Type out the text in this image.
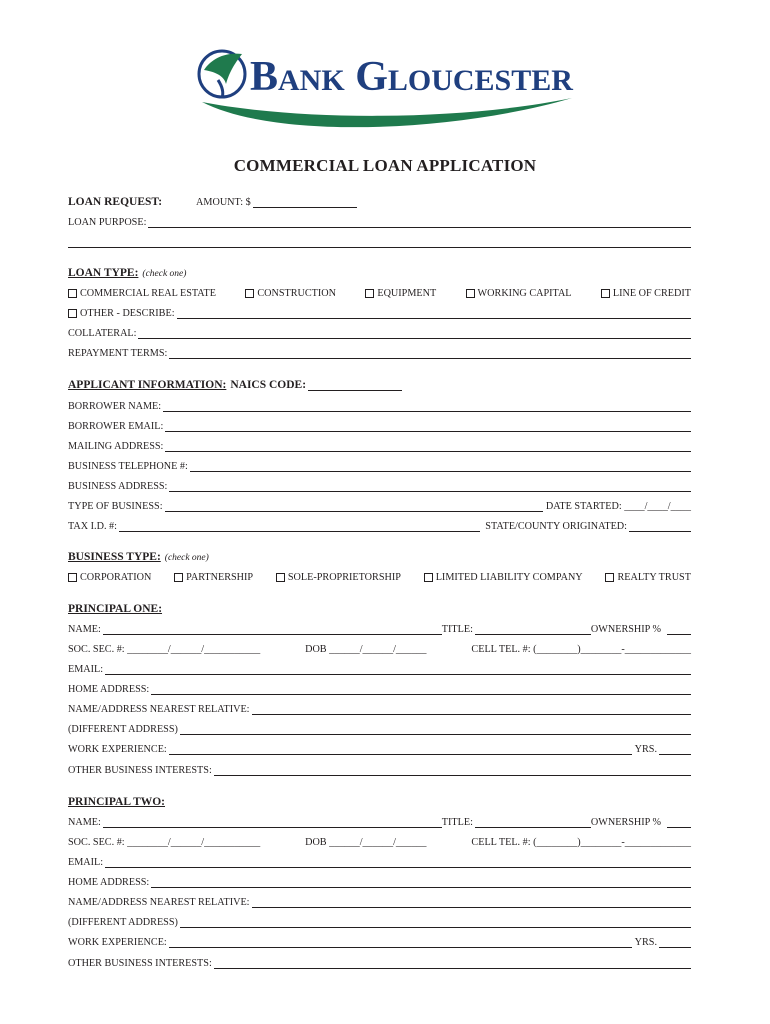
BANK GLOUCESTER
COMMERCIAL LOAN APPLICATION
LOAN REQUEST:	AMOUNT: $
LOAN PURPOSE:
LOAN TYPE: (check one)
COMMERCIAL REAL ESTATE	CONSTRUCTION	EQUIPMENT	WORKING CAPITAL	LINE OF CREDIT
OTHER - DESCRIBE:
COLLATERAL:
REPAYMENT TERMS:
APPLICANT INFORMATION: NAICS CODE:
BORROWER NAME:
BORROWER EMAIL:
MAILING ADDRESS:
BUSINESS TELEPHONE #:
BUSINESS ADDRESS:
TYPE OF BUSINESS:	DATE STARTED: ____/____/____
TAX I.D. #:	STATE/COUNTY ORIGINATED:
BUSINESS TYPE: (check one)
CORPORATION	PARTNERSHIP	SOLE-PROPRIETORSHIP	LIMITED LIABILITY COMPANY	REALTY TRUST
PRINCIPAL ONE:
NAME:	TITLE:	OWNERSHIP %
SOC. SEC. #: ________/______/___________	DOB ______/______/______	CELL TEL. #: (________)________-_____________
EMAIL:
HOME ADDRESS:
NAME/ADDRESS NEAREST RELATIVE:
(DIFFERENT ADDRESS)
WORK EXPERIENCE:	YRS.
OTHER BUSINESS INTERESTS:
PRINCIPAL TWO:
NAME:	TITLE:	OWNERSHIP %
SOC. SEC. #: ________/______/___________	DOB ______/______/______	CELL TEL. #: (________)________-_____________
EMAIL:
HOME ADDRESS:
NAME/ADDRESS NEAREST RELATIVE:
(DIFFERENT ADDRESS)
WORK EXPERIENCE:	YRS.
OTHER BUSINESS INTERESTS:
